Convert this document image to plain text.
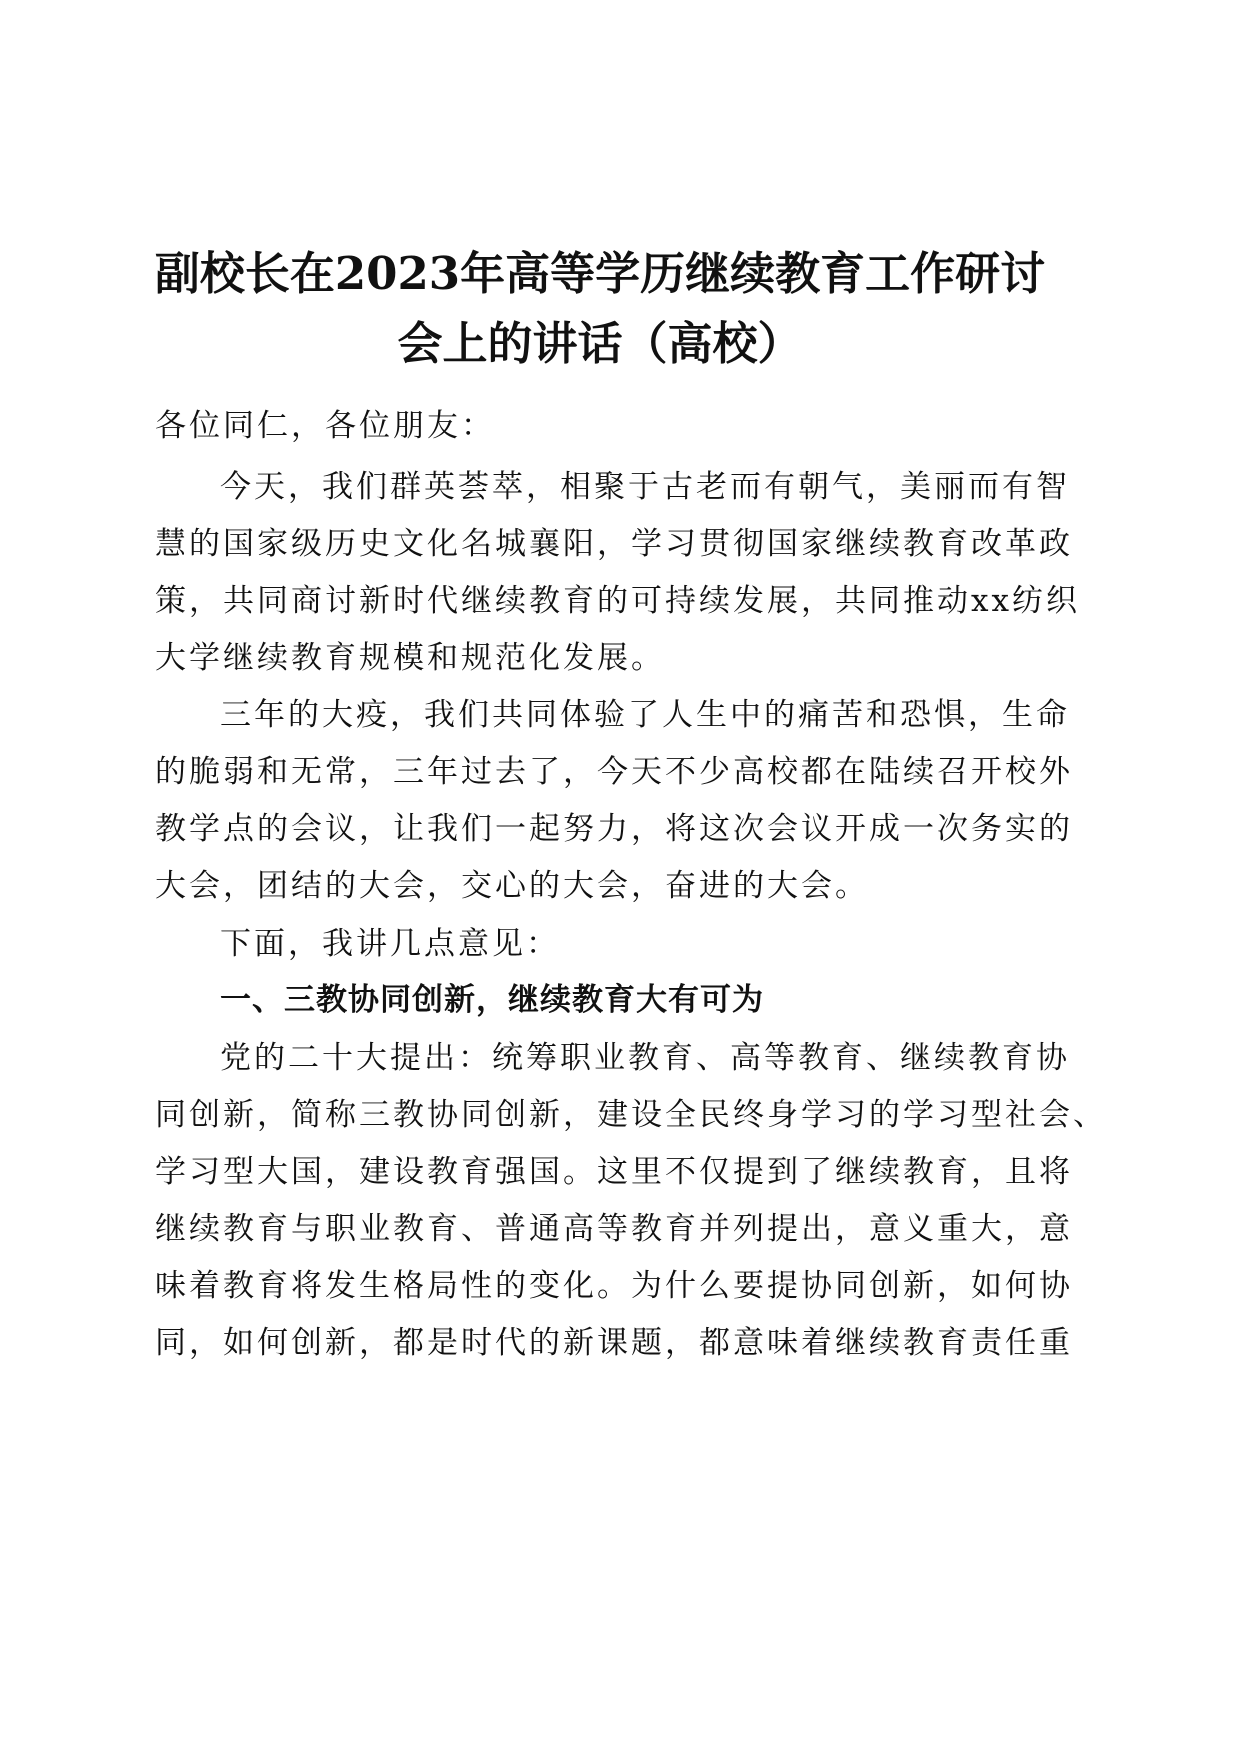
副校长在2023年高等学历继续教育工作研讨
会上的讲话（高校）
各位同仁，各位朋友：
今天，我们群英荟萃，相聚于古老而有朝气，美丽而有智
慧的国家级历史文化名城襄阳，学习贯彻国家继续教育改革政
策，共同商讨新时代继续教育的可持续发展，共同推动xx纺织
大学继续教育规模和规范化发展。
三年的大疫，我们共同体验了人生中的痛苦和恐惧，生命
的脆弱和无常，三年过去了，今天不少高校都在陆续召开校外
教学点的会议，让我们一起努力，将这次会议开成一次务实的
大会，团结的大会，交心的大会，奋进的大会。
下面，我讲几点意见：
一、三教协同创新，继续教育大有可为
党的二十大提出：统筹职业教育、高等教育、继续教育协
同创新，简称三教协同创新，建设全民终身学习的学习型社会、
学习型大国，建设教育强国。这里不仅提到了继续教育，且将
继续教育与职业教育、普通高等教育并列提出，意义重大，意
味着教育将发生格局性的变化。为什么要提协同创新，如何协
同，如何创新，都是时代的新课题，都意味着继续教育责任重
